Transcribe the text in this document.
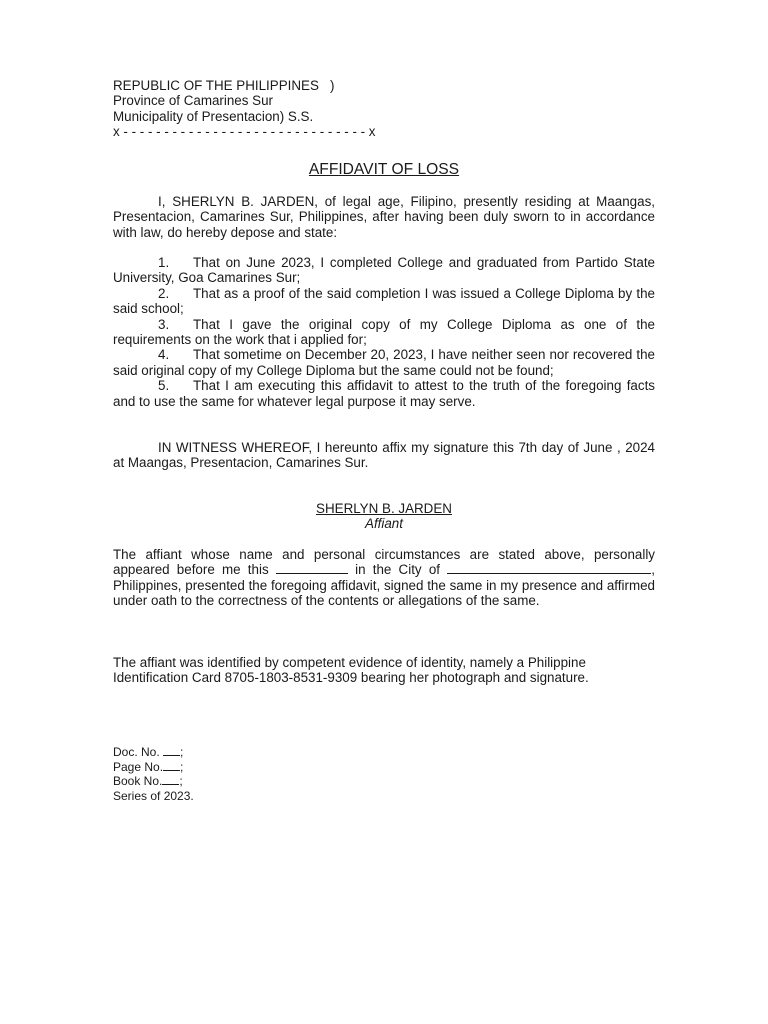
REPUBLIC OF THE PHILIPPINES   )
Province of Camarines Sur
Municipality of Presentacion) S.S.
x - - - - - - - - - - - - - - - - - - - - - - - - - - - - - - x
AFFIDAVIT OF LOSS
I, SHERLYN B. JARDEN, of legal age, Filipino, presently residing at Maangas, Presentacion, Camarines Sur, Philippines, after having been duly sworn to in accordance with law, do hereby depose and state:
1. That on June 2023, I completed College and graduated from Partido State University, Goa Camarines Sur;
2. That as a proof of the said completion I was issued a College Diploma by the said school;
3. That I gave the original copy of my College Diploma as one of the requirements on the work that i applied for;
4. That sometime on December 20, 2023, I have neither seen nor recovered the said original copy of my College Diploma but the same could not be found;
5. That I am executing this affidavit to attest to the truth of the foregoing facts and to use the same for whatever legal purpose it may serve.
IN WITNESS WHEREOF, I hereunto affix my signature this 7th day of June , 2024 at Maangas, Presentacion, Camarines Sur.
SHERLYN B. JARDEN
Affiant
The affiant whose name and personal circumstances are stated above, personally appeared before me this	in the City of	, Philippines, presented the foregoing affidavit, signed the same in my presence and affirmed under oath to the correctness of the contents or allegations of the same.
The affiant was identified by competent evidence of identity, namely a Philippine Identification Card 8705-1803-8531-9309 bearing her photograph and signature.
Doc. No. ;
Page No. ;
Book No. ;
Series of 2023.
